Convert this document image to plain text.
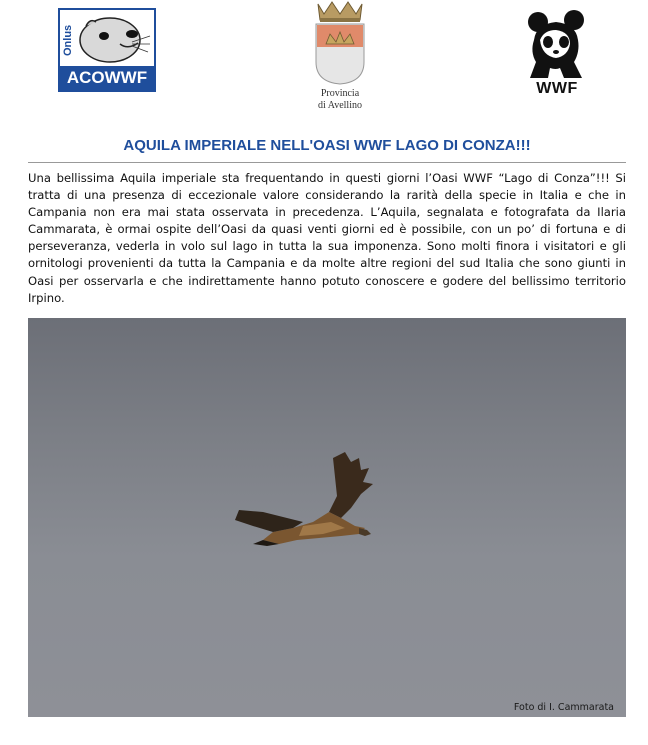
Onlus
ACOWWF
Provincia
di Avellino
WWF
AQUILA IMPERIALE NELL'OASI WWF LAGO DI CONZA!!!

Una bellissima Aquila imperiale sta frequentando in questi giorni l’Oasi WWF “Lago di Conza”!!! Si tratta di una presenza di eccezionale valore considerando la rarità della specie in Italia e che in Campania non era mai stata osservata in precedenza. L’Aquila, segnalata e fotografata da Ilaria Cammarata, è ormai ospite dell’Oasi da quasi venti giorni ed è possibile, con un po’ di fortuna e di perseveranza, vederla in volo sul lago in tutta la sua imponenza. Sono molti finora i visitatori e gli ornitologi provenienti da tutta la Campania e da molte altre regioni del sud Italia che sono giunti in Oasi per osservarla e che indirettamente hanno potuto conoscere e godere del bellissimo territorio Irpino.

Foto di I. Cammarata
